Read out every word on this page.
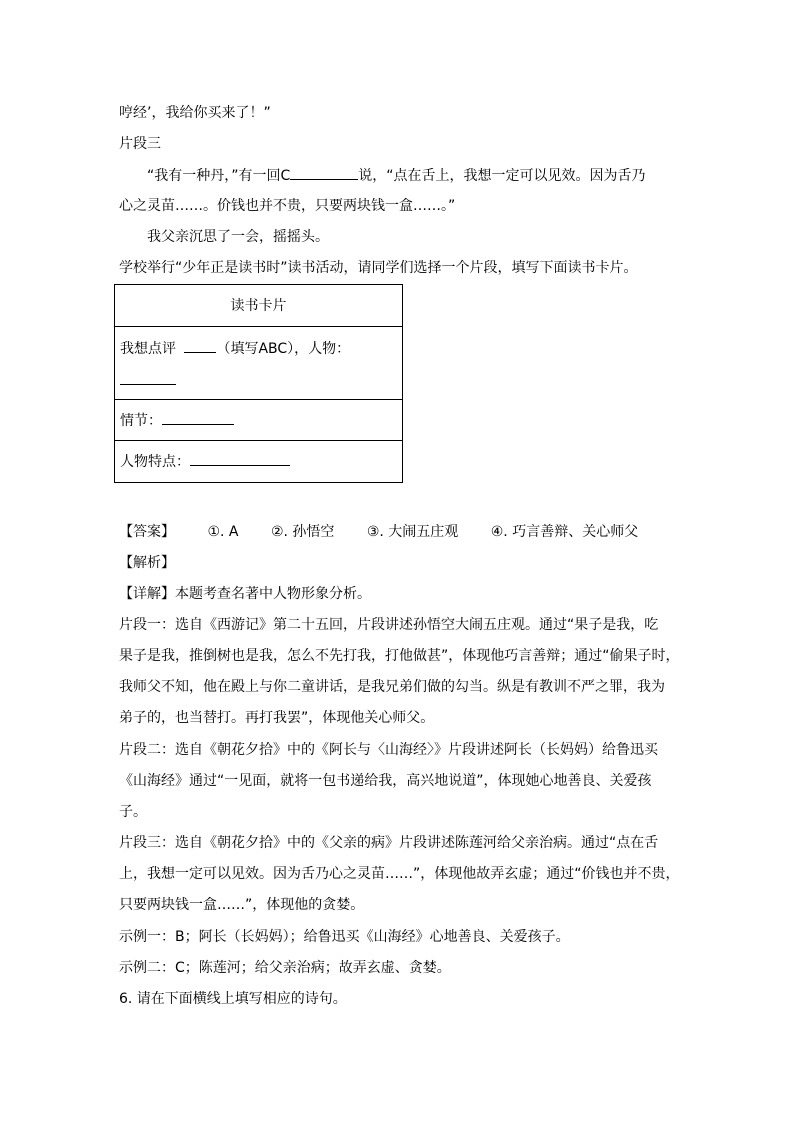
哼经’，我给你买来了！”
片段三
“我有一种丹，”有一回C	说，“点在舌上，我想一定可以见效。因为舌乃
心之灵苗……。价钱也并不贵，只要两块钱一盒……。”
我父亲沉思了一会，摇摇头。
学校举行“少年正是读书时”读书活动，请同学们选择一个片段，填写下面读书卡片。
读书卡片
我想点评	（填写ABC），人物：
情节：
人物特点：
【答案】 ①. A ②. 孙悟空 ③. 大闹五庄观 ④. 巧言善辩、关心师父
【解析】
【详解】本题考查名著中人物形象分析。
片段一：选自《西游记》第二十五回，片段讲述孙悟空大闹五庄观。通过“果子是我，吃
果子是我，推倒树也是我，怎么不先打我，打他做甚”，体现他巧言善辩；通过“偷果子时，
我师父不知，他在殿上与你二童讲话，是我兄弟们做的勾当。纵是有教训不严之罪，我为
弟子的，也当替打。再打我罢”，体现他关心师父。
片段二：选自《朝花夕拾》中的《阿长与〈山海经〉》片段讲述阿长（长妈妈）给鲁迅买
《山海经》通过“一见面，就将一包书递给我，高兴地说道”，体现她心地善良、关爱孩
子。
片段三：选自《朝花夕拾》中的《父亲的病》片段讲述陈莲河给父亲治病。通过“点在舌
上，我想一定可以见效。因为舌乃心之灵苗……”，体现他故弄玄虚；通过“价钱也并不贵，
只要两块钱一盒……”，体现他的贪婪。
示例一：B；阿长（长妈妈）；给鲁迅买《山海经》心地善良、关爱孩子。
示例二：C；陈莲河；给父亲治病；故弄玄虚、贪婪。
6. 请在下面横线上填写相应的诗句。
